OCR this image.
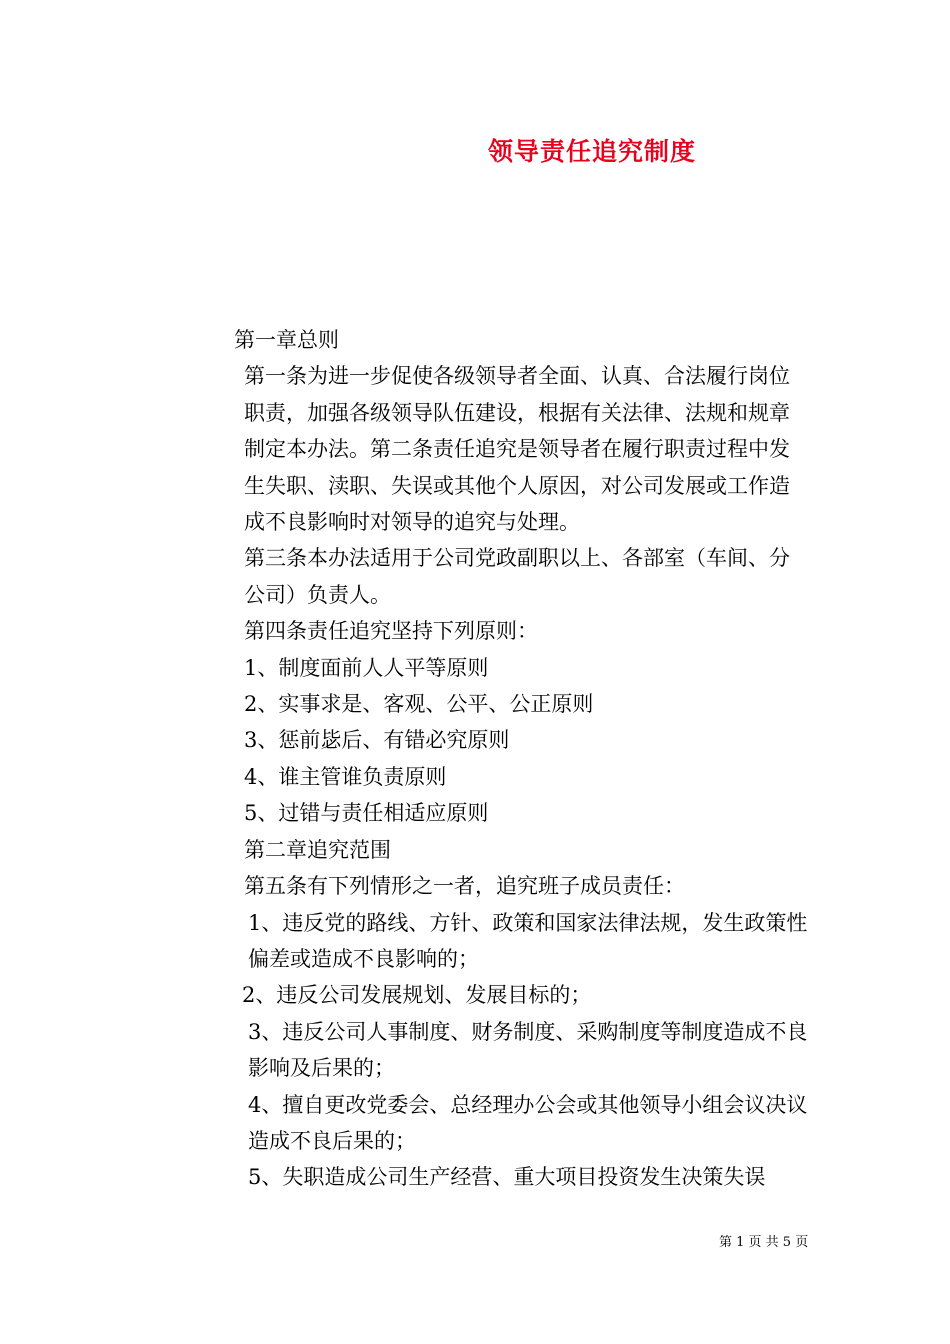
领导责任追究制度

第一章总则

第一条为进一步促使各级领导者全面、认真、合法履行岗位职责，加强各级领导队伍建设，根据有关法律、法规和规章制定本办法。第二条责任追究是领导者在履行职责过程中发生失职、渎职、失误或其他个人原因，对公司发展或工作造成不良影响时对领导的追究与处理。

第三条本办法适用于公司党政副职以上、各部室（车间、分公司）负责人。

第四条责任追究坚持下列原则：

1、制度面前人人平等原则

2、实事求是、客观、公平、公正原则

3、惩前毖后、有错必究原则

4、谁主管谁负责原则

5、过错与责任相适应原则

第二章追究范围

第五条有下列情形之一者，追究班子成员责任：

1、违反党的路线、方针、政策和国家法律法规，发生政策性偏差或造成不良影响的；

2、违反公司发展规划、发展目标的；

3、违反公司人事制度、财务制度、采购制度等制度造成不良影响及后果的；

4、擅自更改党委会、总经理办公会或其他领导小组会议决议造成不良后果的；

5、失职造成公司生产经营、重大项目投资发生决策失误

第 1 页 共 5 页
